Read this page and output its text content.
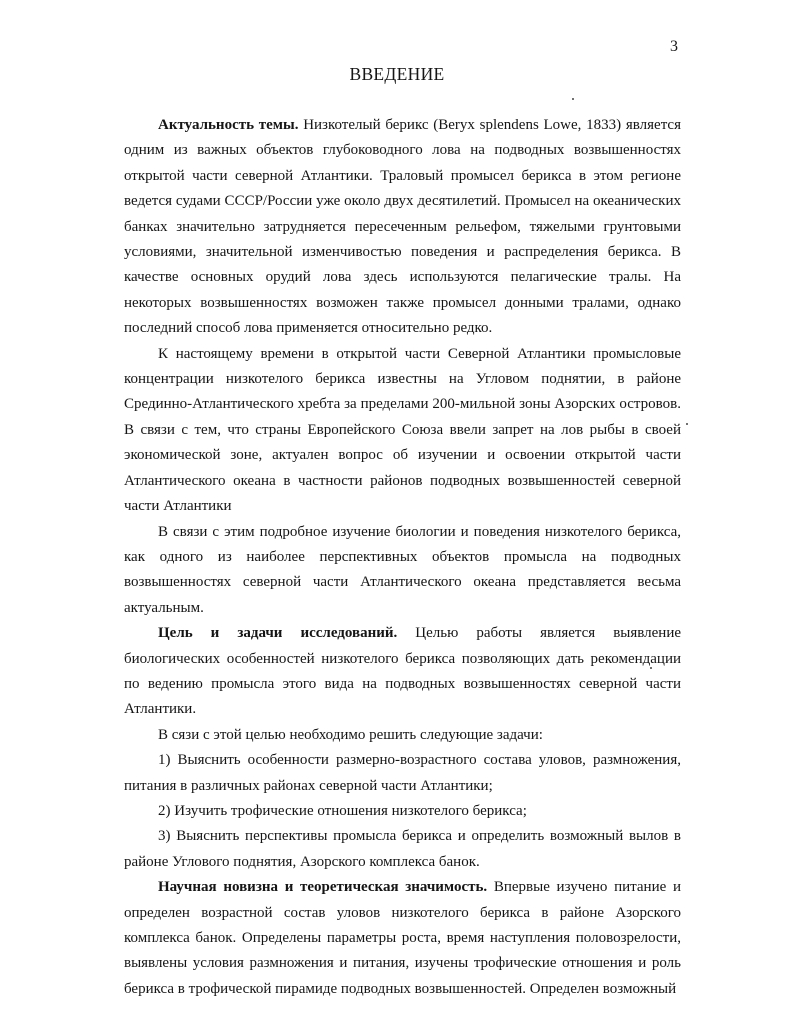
3
ВВЕДЕНИЕ

Актуальность темы. Низкотелый берикс (Beryx splendens Lowe, 1833) является одним из важных объектов глубоководного лова на подводных возвышенностях открытой части северной Атлантики. Траловый промысел берикса в этом регионе ведется судами СССР/России уже около двух десятилетий. Промысел на океанических банках значительно затрудняется пересеченным рельефом, тяжелыми грунтовыми условиями, значительной изменчивостью поведения и распределения берикса. В качестве основных орудий лова здесь используются пелагические тралы. На некоторых возвышенностях возможен также промысел донными тралами, однако последний способ лова применяется относительно редко.

К настоящему времени в открытой части Северной Атлантики промысловые концентрации низкотелого берикса известны на Угловом поднятии, в районе Срединно-Атлантического хребта за пределами 200-мильной зоны Азорских островов. В связи с тем, что страны Европейского Союза ввели запрет на лов рыбы в своей экономической зоне, актуален вопрос об изучении и освоении открытой части Атлантического океана в частности районов подводных возвышенностей северной части Атлантики

В связи с этим подробное изучение биологии и поведения низкотелого берикса, как одного из наиболее перспективных объектов промысла на подводных возвышенностях северной части Атлантического океана представляется весьма актуальным.

Цель и задачи исследований. Целью работы является выявление биологических особенностей низкотелого берикса позволяющих дать рекомендации по ведению промысла этого вида на подводных возвышенностях северной части Атлантики.

В сязи с этой целью необходимо решить следующие задачи:

1) Выяснить особенности размерно-возрастного состава уловов, размножения, питания в различных районах северной части Атлантики;

2) Изучить трофические отношения низкотелого берикса;

3) Выяснить перспективы промысла берикса и определить возможный вылов в районе Углового поднятия, Азорского комплекса банок.

Научная новизна и теоретическая значимость. Впервые изучено питание и определен возрастной состав уловов низкотелого берикса в районе Азорского комплекса банок. Определены параметры роста, время наступления половозрелости, выявлены условия размножения и питания, изучены трофические отношения и роль берикса в трофической пирамиде подводных возвышенностей. Определен возможный
